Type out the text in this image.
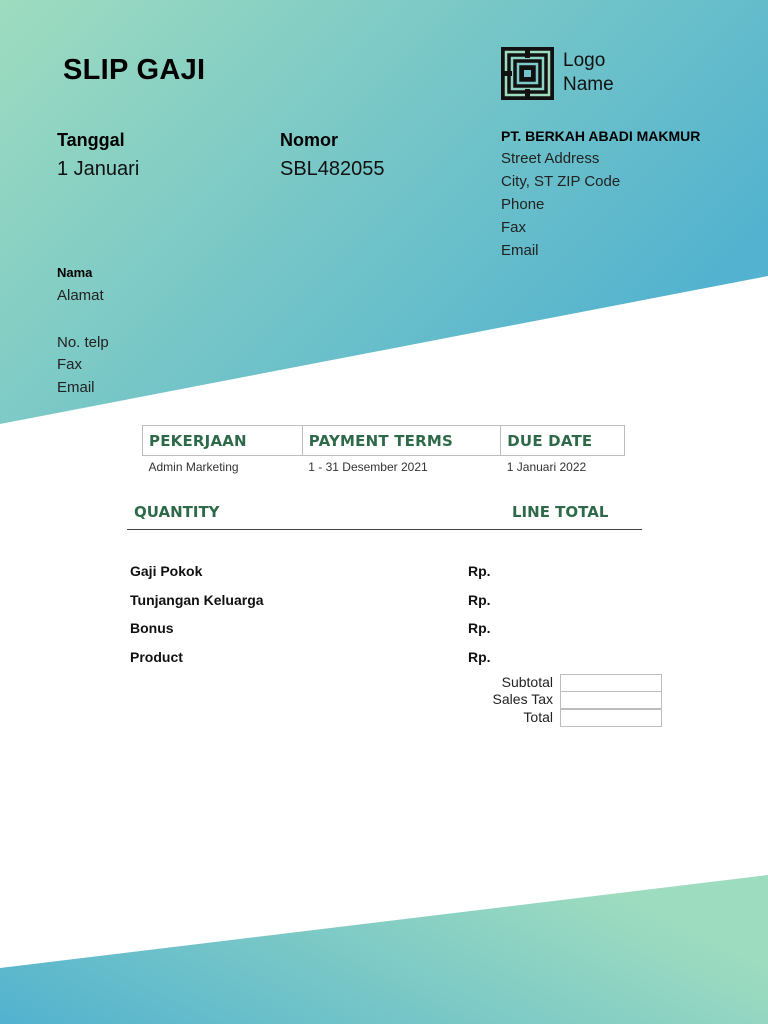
SLIP GAJI	Logo
Name
Tanggal
1 Januari
Nomor
SBL482055
PT. BERKAH ABADI MAKMUR
Street Address
City, ST ZIP Code
Phone
Fax
Email
Nama
Alamat
No. telp
Fax
Email
PEKERJAAN	PAYMENT TERMS	DUE DATE
Admin Marketing	1 - 31 Desember 2021	1 Januari 2022
QUANTITY	LINE TOTAL
Gaji Pokok	Rp.
Tunjangan Keluarga	Rp.
Bonus	Rp.
Product	Rp.
Subtotal
Sales Tax
Total
